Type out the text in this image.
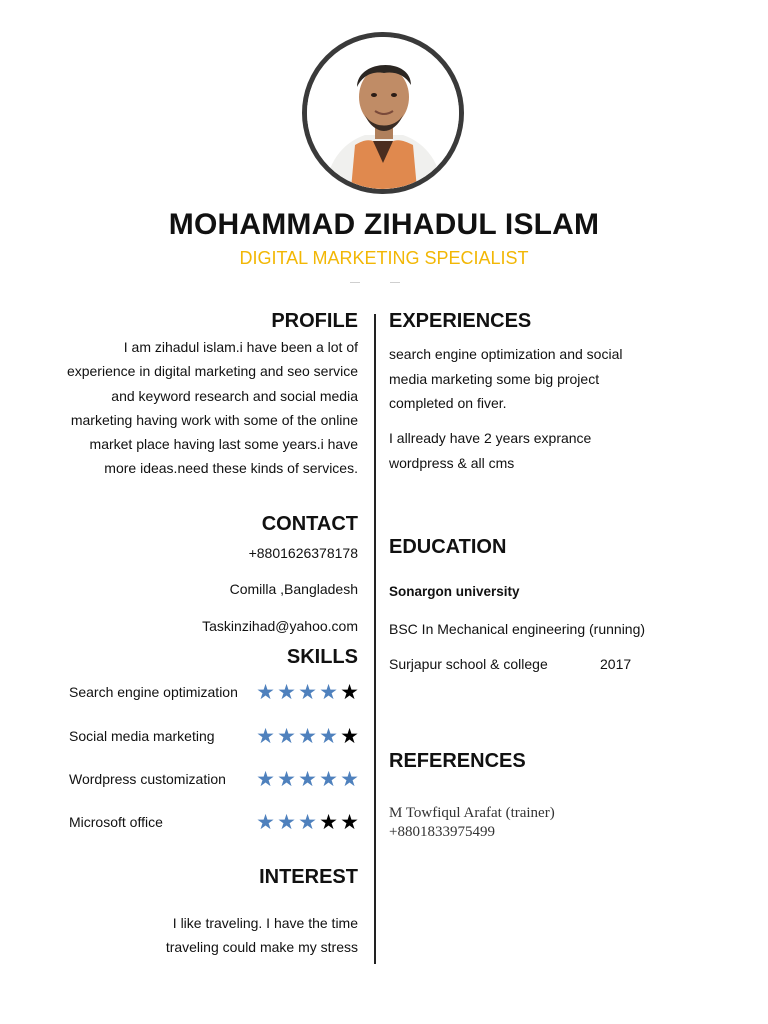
MOHAMMAD ZIHADUL ISLAM
DIGITAL MARKETING SPECIALIST
PROFILE

I am zihadul islam.i have been a lot of experience in digital marketing and seo service and keyword research and social media marketing having work with some of the online market place having last some years.i have more ideas.need these kinds of services.

CONTACT
+8801626378178
Comilla ,Bangladesh
Taskinzihad@yahoo.com
SKILLS
Search engine optimization ★ ★ ★ ★ ★
Social media marketing ★ ★ ★ ★ ★
Wordpress customization ★ ★ ★ ★ ★
Microsoft office	★ ★ ★ ★ ★
INTEREST
I like traveling. I have the time
traveling could make my stress
EXPERIENCES

search engine optimization and social media marketing some big project completed on fiver.

I allready have 2 years exprance wordpress & all cms

EDUCATION
Sonargon university
BSC In Mechanical engineering (running)
Surjapur school & college	2017
REFERENCES
M Towfiqul Arafat (trainer)
+8801833975499
